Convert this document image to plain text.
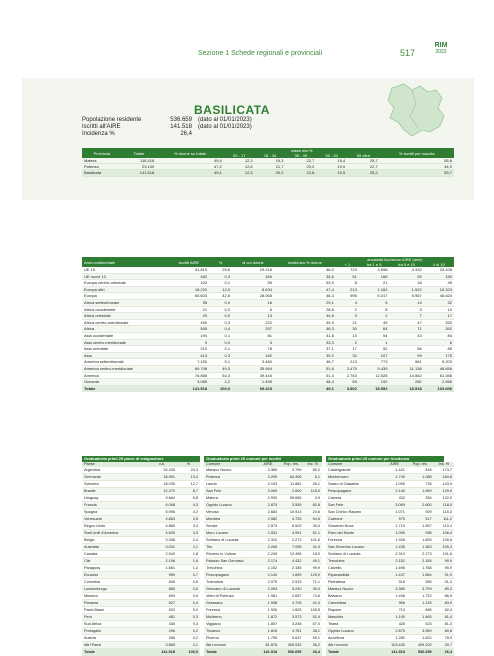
Sezione 1 Schede regionali e provinciali	517
RIM
2023
BASILICATA
Popolazione residente	536.659 (dato al 01/01/2023)
Iscritti all'AIRE	141.518 (dato al 01/01/2023)
Incidenza %	26,4
Provincia	Totale	% donne su totale	classi età %					% iscritti per nascita
			00 - 17	18 - 34	35 - 49	50 - 64	65 oltre	
Matera	118.418	49,4	12,3	19,3	22,7	19,4	25,7	55,6
Potenza	23.100	47,2	12,6	21,7	23,0	19,9	22,7	44,0
Basilicata	141.518	49,1	12,3	20,2	22,8	19,5	25,2	53,7
Area continentale	Iscritti AIRE	%	di cui donne	incidenza % donne	anzianità iscrizione AIRE (anni)			
					< 1	tra 1 e 5	tra 5 e 10	≥ di 10
UE 15	41.819	29,6	19.216	46,0	723	3.658	4.332	33.106
UE nuovi 13	482	0,3	160	34,6	51	166	95	150
Europa centro-orientale	102	0,1	55	53,9	8	21	18	45
Europa altri	18.220	12,9	8.634	47,4	213	1.162	1.522	15.323
Europa	60.603	42,8	28.065	46,3	995	5.017	5.967	48.624
Africa settentrionale	55	0,0	16	29,1	4	5	14	32
Africa occidentale	21	0,0	6	28,6	2	8	3	10
Africa orientale	29	0,0	13	44,8	3	2	7	17
Africa centro-meridionale	450	0,3	222	49,3	21	49	47	333
Africa	555	0,4	257	46,3	30	64	71	392
Asia occidentale	194	0,1	81	41,8	13	54	43	84
Asia centro-meridionale	9	0,0	3	33,3	2	1		6
Asia orientale	210	0,1	78	37,1	17	52	56	85
Asia	413	0,3	162	39,2	32	107	99	175
America settentrionale	7.150	5,1	3.480	48,7	213	773	961	5.203
America centro-meridionale	69.708	49,3	35.964	51,6	2.475	9.439	11.138	46.656
America	76.858	54,3	39.444	51,3	2.763	12.528	14.562	61.358
Oceania	3.089	2,2	1.495	48,4	59	192	282	2.556
Totale	141.518	100,0	69.423	49,1	3.802	15.592	18.518	103.606
Graduatoria primi 25 paesi di emigrazione
Paese	v.a.	%
Argentina	34.433	24,3
Germania	18.991	13,4
Svizzera	18.035	12,7
Brasile	12.270	8,7
Uruguay	9.664	6,8
Francia	6.068	4,3
Spagna	5.996	4,2
Venezuela	4.863	3,5
Regno Unito	4.865	3,4
Stati Uniti d'America	4.609	3,3
Belgio	3.338	2,4
Australia	3.031	2,1
Canada	2.540	1,8
Cile	2.196	1,6
Paraguay	1.661	1,2
Ecuador	969	0,7
Colombia	845	0,6
Lussemburgo	865	0,6
Messico	694	0,5
Panama	527	0,4
Paesi Bassi	502	0,4
Perù	461	0,3
Sud Africa	435	0,3
Portogallo	296	0,2
Austria	266	0,2
Altri Paesi	3.865	2,1
Totale	141.518	100,0
Graduatoria primi 25 comuni per iscritti
Comune	AIRE	Pop. res.	Inc. %
Marsico Nuovo	3.389	3.799	89,2
Potenza	3.299	64.406	5,1
Lauria	3.103	11.882	26,1
San Fele	3.069	2.600	118,0
Matera	2.930	59.685	4,9
Oppido Lucano	2.875	3.559	80,8
Venosa	2.683	10.913	24,6
Moratea	2.582	4.725	54,6
Senise	2.573	6.529	39,4
Muro Lucano	2.531	4.951	51,1
Sotriano di Lucania	2.310	2.273	101,6
Tito	2.265	7.095	31,9
Rionero in Vulture	2.249	12.496	18,0
Palazzo San Gervasio	2.174	4.432	49,1
Trecchina	2.152	2.155	99,9
Pescopagano	2.140	1.659	129,0
Tramutola	2.075	2.919	71,1
Genzano di Lucania	2.063	5.240	39,4
Vietri di Potenza	1.981	2.657	74,6
Grassano	1.938	4.728	41,0
Forenza	1.926	1.825	105,5
Moliterno	1.872	3.573	52,4
Viggiano	1.857	3.248	57,0
Tricarico	1.815	4.761	38,1
Picerno	1.795	5.637	59,1
Altri comuni	81.878	305.532	36,2
Totale	141.518	536.659	26,4
Graduatoria primi 25 comuni per incidenza
Comune	AIRE	Pop. res.	Inc. %
Castelgrande	1.421	818	173,7
Montemurro	1.749	1.088	160,8
Sasso di Castalda	1.055	733	143,9
Pescopagano	2.140	1.659	129,0
Calvera	432	354	122,0
San Fele	3.069	2.600	118,0
San Chirico Raparo	1.071	929	115,3
Carbone	575	517	111,2
Gravento Nova	1.719	1.557	110,4
Rivio del Monte	1.059	995	106,4
Forenza	1.926	1.825	105,5
San Severino Lucano	1.435	1.363	105,3
Sotriano di Lucania	2.310	2.273	101,6
Trecchina	2.152	2.155	99,9
Calvello	1.696	1.768	95,9
Ripacandida	1.437	1.564	91,9
Pietrafesa	516	565	91,3
Marsico Nuovo	3.389	3.799	89,2
Balvano	1.496	1.722	86,9
Cancellara	956	1.139	83,9
Rapone	713	865	82,4
Maschito	1.190	1.465	81,4
Teana	425	523	81,3
Oppido Lucano	2.875	3.559	80,8
Accettura	1.280	1.622	78,9
Altri comuni	103.430	499.202	20,7
Totale	141.518	536.659	26,4
